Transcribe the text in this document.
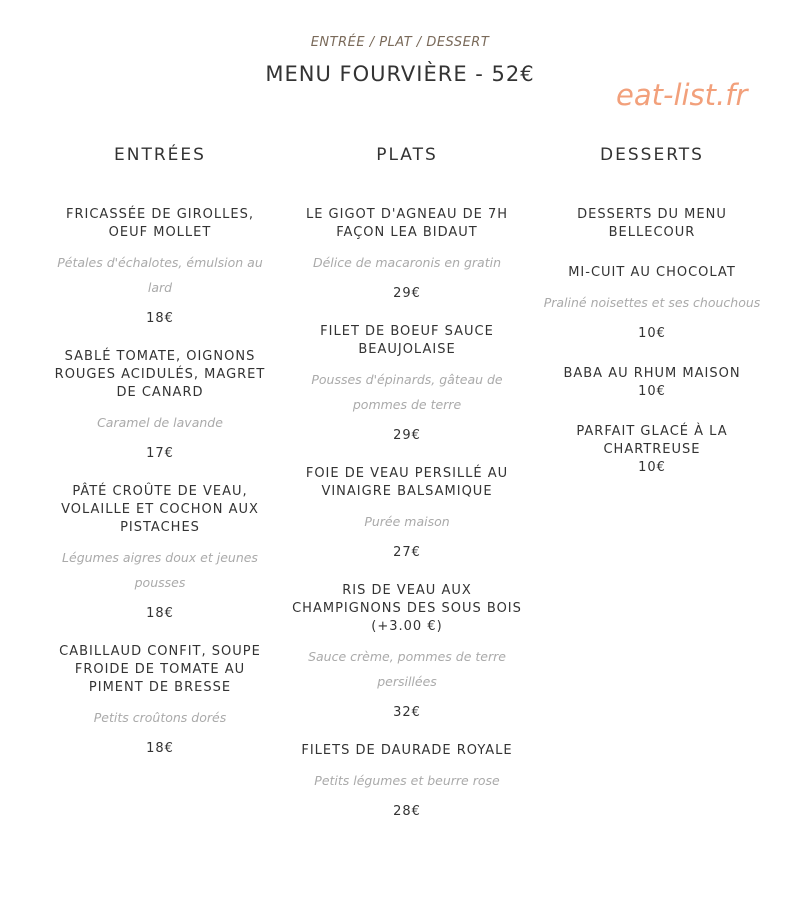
ENTRÉE / PLAT / DESSERT
MENU FOURVIÈRE - 52€
eat-list.fr
ENTRÉES
FRICASSÉE DE GIROLLES, OEUF MOLLET
Pétales d'échalotes, émulsion au lard
18€
SABLÉ TOMATE, OIGNONS ROUGES ACIDULÉS, MAGRET DE CANARD
Caramel de lavande
17€
PÂTÉ CROÛTE DE VEAU, VOLAILLE ET COCHON AUX PISTACHES
Légumes aigres doux et jeunes pousses
18€
CABILLAUD CONFIT, SOUPE FROIDE DE TOMATE AU PIMENT DE BRESSE
Petits croûtons dorés
18€
PLATS
LE GIGOT D'AGNEAU DE 7H FAÇON LEA BIDAUT
Délice de macaronis en gratin
29€
FILET DE BOEUF SAUCE BEAUJOLAISE
Pousses d'épinards, gâteau de pommes de terre
29€
FOIE DE VEAU PERSILLÉ AU VINAIGRE BALSAMIQUE
Purée maison
27€
RIS DE VEAU AUX CHAMPIGNONS DES SOUS BOIS (+3.00 €)
Sauce crème, pommes de terre persillées
32€
FILETS DE DAURADE ROYALE
Petits légumes et beurre rose
28€
DESSERTS
DESSERTS DU MENU BELLECOUR
MI-CUIT AU CHOCOLAT
Praliné noisettes et ses chouchous
10€
BABA AU RHUM MAISON
10€
PARFAIT GLACÉ À LA CHARTREUSE
10€
